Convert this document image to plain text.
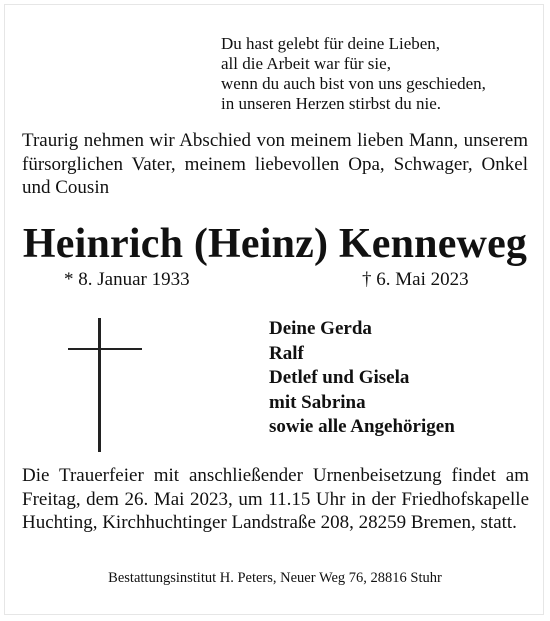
Du hast gelebt für deine Lieben,
all die Arbeit war für sie,
wenn du auch bist von uns geschieden,
in unseren Herzen stirbst du nie.
Traurig nehmen wir Abschied von meinem lieben Mann, unserem fürsorglichen Vater, meinem liebevollen Opa, Schwager, Onkel und Cousin
Heinrich (Heinz) Kenneweg
* 8. Januar 1933	† 6. Mai 2023
Deine Gerda
Ralf
Detlef und Gisela
mit Sabrina
sowie alle Angehörigen
Die Trauerfeier mit anschließender Urnenbeisetzung findet am Freitag, dem 26. Mai 2023, um 11.15 Uhr in der Friedhofskapelle Huchting, Kirchhuchtinger Landstraße 208, 28259 Bremen, statt.
Bestattungsinstitut H. Peters, Neuer Weg 76, 28816 Stuhr
